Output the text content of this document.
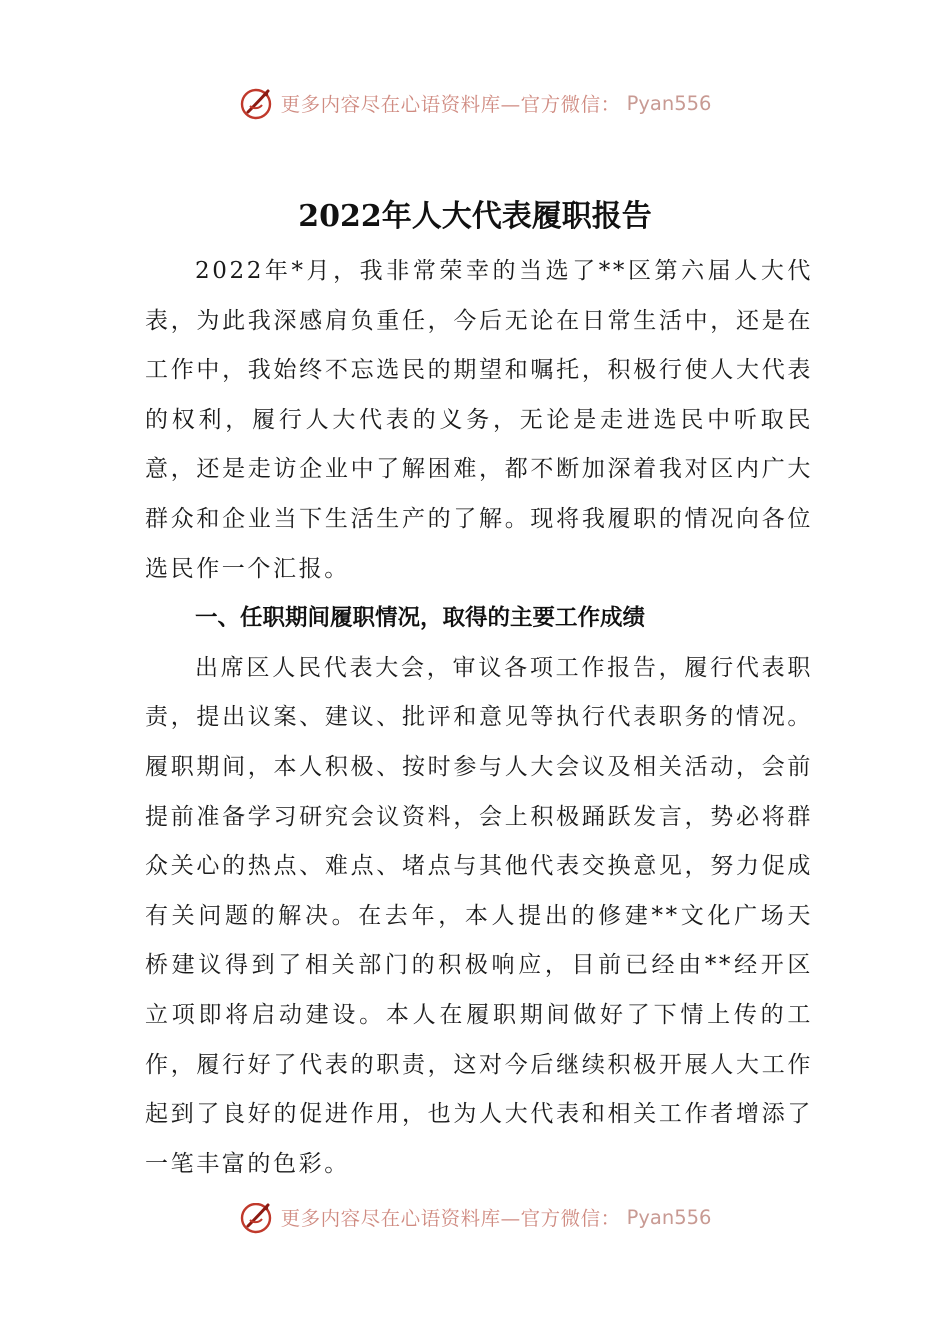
更多内容尽在心语资料库—官方微信： Pyan556
2022年人大代表履职报告

2022年*月，我非常荣幸的当选了**区第六届人大代表，为此我深感肩负重任，今后无论在日常生活中，还是在工作中，我始终不忘选民的期望和嘱托，积极行使人大代表的权利，履行人大代表的义务，无论是走进选民中听取民意，还是走访企业中了解困难，都不断加深着我对区内广大群众和企业当下生活生产的了解。现将我履职的情况向各位选民作一个汇报。

一、任职期间履职情况，取得的主要工作成绩

出席区人民代表大会，审议各项工作报告，履行代表职责，提出议案、建议、批评和意见等执行代表职务的情况。履职期间，本人积极、按时参与人大会议及相关活动，会前提前准备学习研究会议资料，会上积极踊跃发言，势必将群众关心的热点、难点、堵点与其他代表交换意见，努力促成有关问题的解决。在去年，本人提出的修建**文化广场天桥建议得到了相关部门的积极响应，目前已经由**经开区立项即将启动建设。本人在履职期间做好了下情上传的工作，履行好了代表的职责，这对今后继续积极开展人大工作起到了良好的促进作用，也为人大代表和相关工作者增添了一笔丰富的色彩。

更多内容尽在心语资料库—官方微信： Pyan556
